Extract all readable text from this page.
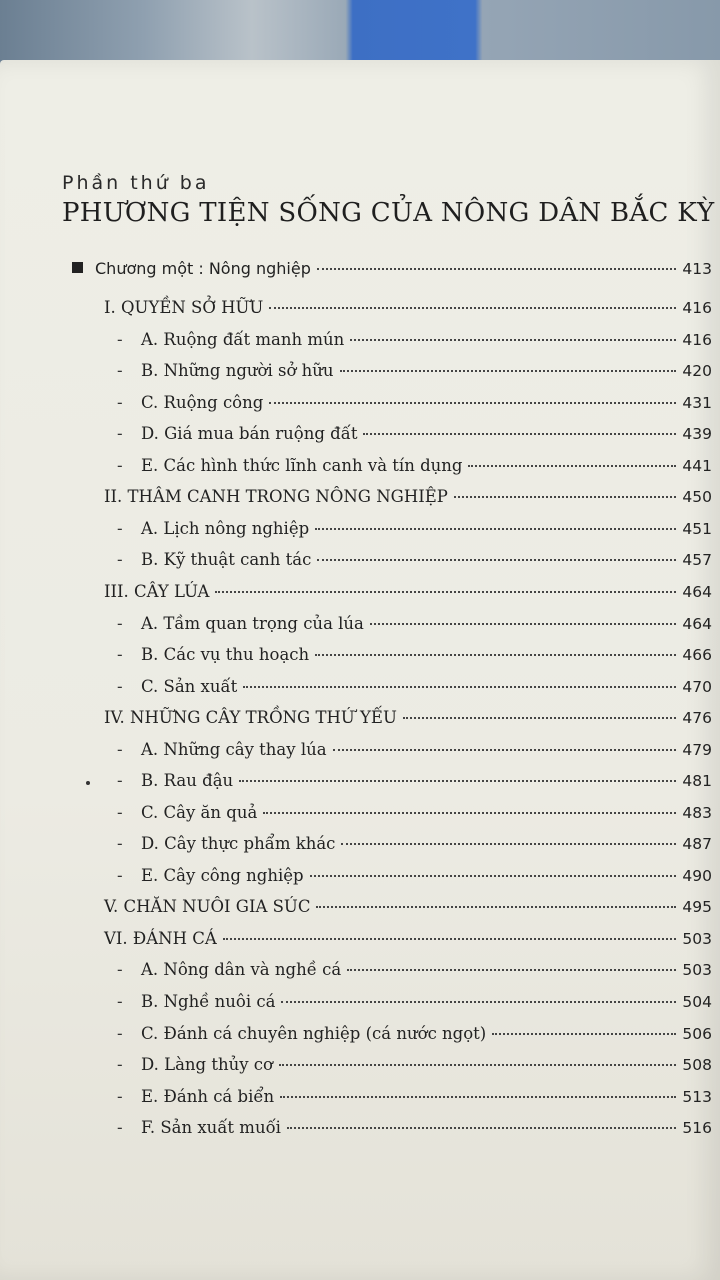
Phần thứ ba
PHƯƠNG TIỆN SỐNG CỦA NÔNG DÂN BẮC KỲ
Chương một : Nông nghiệp	413
I. QUYỀN SỞ HỮU	416
-	A. Ruộng đất manh mún	416
-	B. Những người sở hữu	420
-	C. Ruộng công	431
-	D. Giá mua bán ruộng đất	439
-	E. Các hình thức lĩnh canh và tín dụng	441
II. THÂM CANH TRONG NÔNG NGHIỆP	450
-	A. Lịch nông nghiệp	451
-	B. Kỹ thuật canh tác	457
III. CÂY LÚA	464
-	A. Tầm quan trọng của lúa	464
-	B. Các vụ thu hoạch	466
-	C. Sản xuất	470
IV. NHỮNG CÂY TRỒNG THỨ YẾU	476
-	A. Những cây thay lúa	479
-	B. Rau đậu	481
-	C. Cây ăn quả	483
-	D. Cây thực phẩm khác	487
-	E. Cây công nghiệp	490
V. CHĂN NUÔI GIA SÚC	495
VI. ĐÁNH CÁ	503
-	A. Nông dân và nghề cá	503
-	B. Nghề nuôi cá	504
-	C. Đánh cá chuyên nghiệp (cá nước ngọt)	506
-	D. Làng thủy cơ	508
-	E. Đánh cá biển	513
-	F. Sản xuất muối	516
